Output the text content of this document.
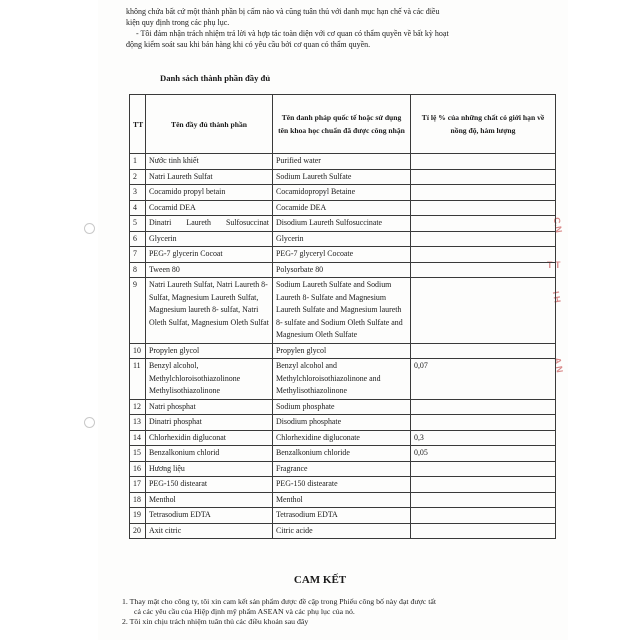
C.N
T T
I H
A N

không chứa bất cứ một thành phần bị cấm nào và cũng tuân thủ với danh mục hạn chế và các điều

kiện quy định trong các phụ lục.

- Tôi đảm nhận trách nhiệm trả lời và hợp tác toàn diện với cơ quan có thẩm quyền về bất kỳ hoạt

động kiểm soát sau khi bán hàng khi có yêu cầu bởi cơ quan có thẩm quyền.

Danh sách thành phần đầy đủ
TT	Tên đầy đủ thành phần	Tên danh pháp quốc tế hoặc sử dụng tên khoa học chuẩn đã được công nhận	Tỉ lệ % của những chất có giới hạn về nồng độ, hàm lượng
1	Nước tinh khiết	Purified water	
2	Natri Laureth Sulfat	Sodium Laureth Sulfate	
3	Cocamido propyl betain	Cocamidopropyl Betaine	
4	Cocamid DEA	Cocamide DEA	
5	Dinatri Laureth Sulfosuccinat	Disodium Laureth Sulfosuccinate	
6	Glycerin	Glycerin	
7	PEG-7 glycerin Cocoat	PEG-7 glyceryl Cocoate	
8	Tween 80	Polysorbate 80	
9	Natri Laureth Sulfat, Natri Laureth 8- Sulfat, Magnesium Laureth Sulfat, Magnesium laureth 8- sulfat, Natri Oleth Sulfat, Magnesium Oleth Sulfat	Sodium Laureth Sulfate and Sodium Laureth 8- Sulfate and Magnesium Laureth Sulfate and Magnesium laureth 8- sulfate and Sodium Oleth Sulfate and Magnesium Oleth Sulfate	
10	Propylen glycol	Propylen glycol	
11	Benzyl alcohol, Methylchloroisothiazolinone Methylisothiazolinone	Benzyl alcohol and Methylchloroisothiazolinone and Methylisothiazolinone	0,07
12	Natri phosphat	Sodium phosphate	
13	Dinatri phosphat	Disodium phosphate	
14	Chlorhexidin digluconat	Chlorhexidine digluconate	0,3
15	Benzalkonium chlorid	Benzalkonium chloride	0,05
16	Hương liệu	Fragrance	
17	PEG-150 distearat	PEG-150 distearate	
18	Menthol	Menthol	
19	Tetrasodium EDTA	Tetrasodium EDTA	
20	Axit citric	Citric acide	
CAM KẾT

1. Thay mặt cho công ty, tôi xin cam kết sản phẩm được đề cập trong Phiếu công bố này đạt được tất

cả các yêu cầu của Hiệp định mỹ phẩm ASEAN và các phụ lục của nó.

2. Tôi xin chịu trách nhiệm tuân thủ các điều khoản sau đây
